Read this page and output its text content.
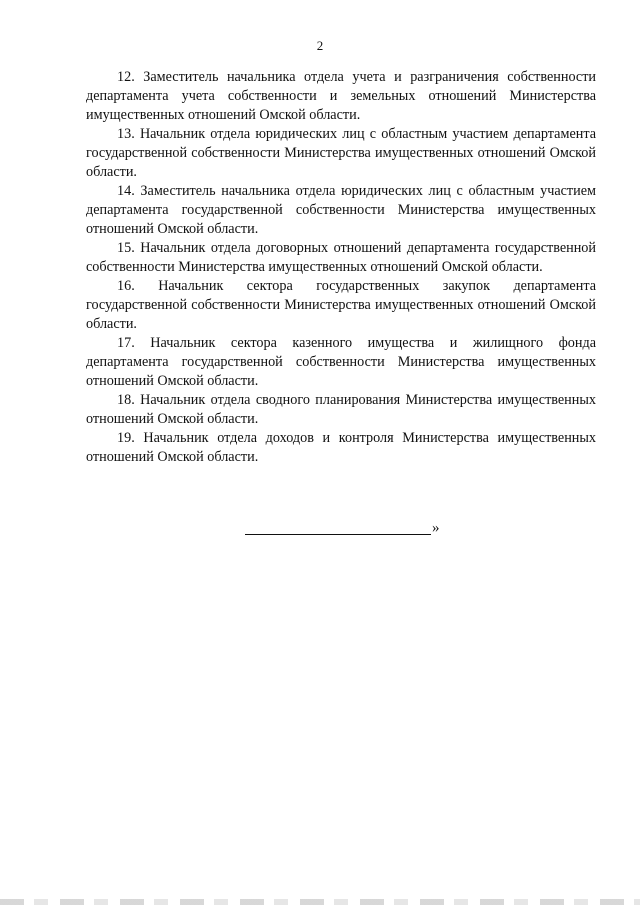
2

12. Заместитель начальника отдела учета и разграничения собственности департамента учета собственности и земельных отношений Министерства имущественных отношений Омской области.

13. Начальник отдела юридических лиц с областным участием департамента государственной собственности Министерства имущественных отношений Омской области.

14. Заместитель начальника отдела юридических лиц с областным участием департамента государственной собственности Министерства имущественных отношений Омской области.

15. Начальник отдела договорных отношений департамента государственной собственности Министерства имущественных отношений Омской области.

16. Начальник сектора государственных закупок департамента государственной собственности Министерства имущественных отношений Омской области.

17. Начальник сектора казенного имущества и жилищного фонда департамента государственной собственности Министерства имущественных отношений Омской области.

18. Начальник отдела сводного планирования Министерства имущественных отношений Омской области.

19. Начальник отдела доходов и контроля Министерства имущественных отношений Омской области.

»
